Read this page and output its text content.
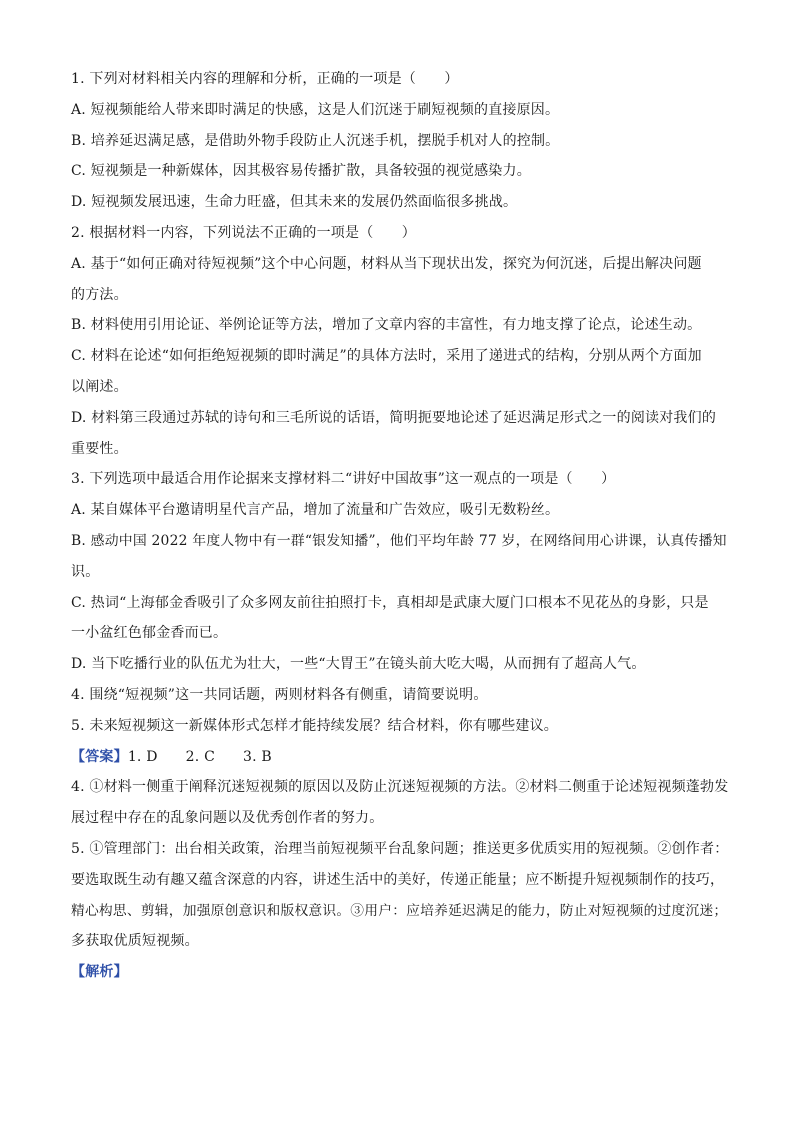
1. 下列对材料相关内容的理解和分析，正确的一项是（　　）
A. 短视频能给人带来即时满足的快感，这是人们沉迷于刷短视频的直接原因。
B. 培养延迟满足感，是借助外物手段防止人沉迷手机，摆脱手机对人的控制。
C. 短视频是一种新媒体，因其极容易传播扩散，具备较强的视觉感染力。
D. 短视频发展迅速，生命力旺盛，但其未来的发展仍然面临很多挑战。
2. 根据材料一内容，下列说法不正确的一项是（　　）
A. 基于“如何正确对待短视频”这个中心问题，材料从当下现状出发，探究为何沉迷，后提出解决问题
的方法。
B. 材料使用引用论证、举例论证等方法，增加了文章内容的丰富性，有力地支撑了论点，论述生动。
C. 材料在论述“如何拒绝短视频的即时满足”的具体方法时，采用了递进式的结构，分别从两个方面加
以阐述。
D. 材料第三段通过苏轼的诗句和三毛所说的话语，简明扼要地论述了延迟满足形式之一的阅读对我们的
重要性。
3. 下列选项中最适合用作论据来支撑材料二“讲好中国故事”这一观点的一项是（　　）
A. 某自媒体平台邀请明星代言产品，增加了流量和广告效应，吸引无数粉丝。
B. 感动中国 2022 年度人物中有一群“银发知播”，他们平均年龄 77 岁，在网络间用心讲课，认真传播知
识。
C. 热词“上海郁金香吸引了众多网友前往拍照打卡，真相却是武康大厦门口根本不见花丛的身影，只是
一小盆红色郁金香而已。
D. 当下吃播行业的队伍尤为壮大，一些“大胃王”在镜头前大吃大喝，从而拥有了超高人气。
4. 围绕“短视频”这一共同话题，两则材料各有侧重，请简要说明。
5. 未来短视频这一新媒体形式怎样才能持续发展？结合材料，你有哪些建议。
【答案】1. D 2. C 3. B
4. ①材料一侧重于阐释沉迷短视频的原因以及防止沉迷短视频的方法。②材料二侧重于论述短视频蓬勃发
展过程中存在的乱象问题以及优秀创作者的努力。
5. ①管理部门：出台相关政策，治理当前短视频平台乱象问题；推送更多优质实用的短视频。②创作者：
要选取既生动有趣又蕴含深意的内容，讲述生活中的美好，传递正能量；应不断提升短视频制作的技巧，
精心构思、剪辑，加强原创意识和版权意识。③用户：应培养延迟满足的能力，防止对短视频的过度沉迷；
多获取优质短视频。
【解析】
